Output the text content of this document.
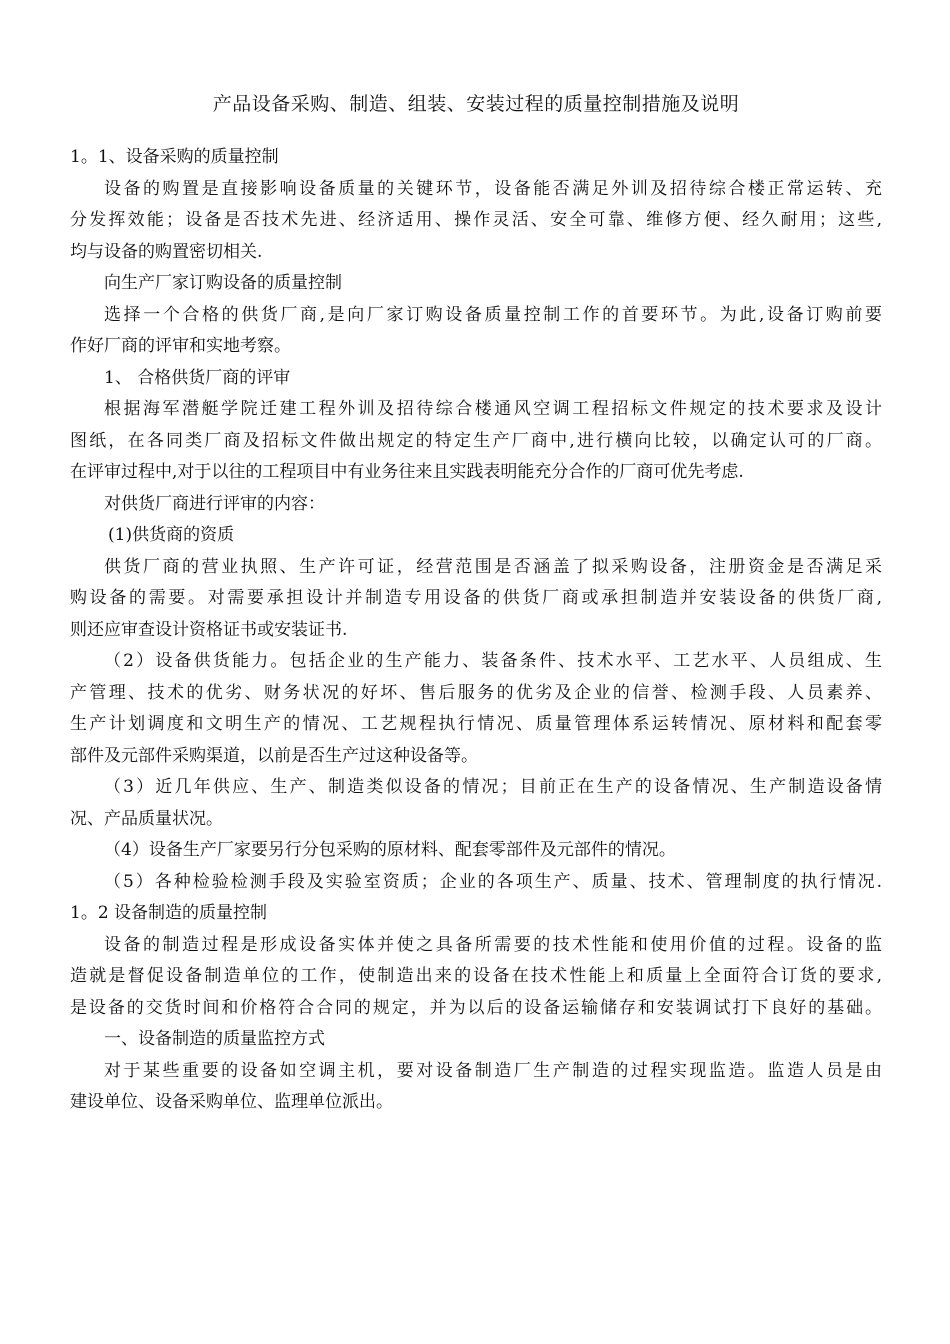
产品设备采购、制造、组装、安装过程的质量控制措施及说明

1。1、设备采购的质量控制

设备的购置是直接影响设备质量的关键环节，设备能否满足外训及招待综合楼正常运转、充

分发挥效能；设备是否技术先进、经济适用、操作灵活、安全可靠、维修方便、经久耐用；这些,

均与设备的购置密切相关.

向生产厂家订购设备的质量控制

选择一个合格的供货厂商,是向厂家订购设备质量控制工作的首要环节。为此,设备订购前要

作好厂商的评审和实地考察。

1、 合格供货厂商的评审

根据海军潜艇学院迁建工程外训及招待综合楼通风空调工程招标文件规定的技术要求及设计

图纸，在各同类厂商及招标文件做出规定的特定生产厂商中,进行横向比较，以确定认可的厂商。

在评审过程中,对于以往的工程项目中有业务往来且实践表明能充分合作的厂商可优先考虑.

对供货厂商进行评审的内容：

(1)供货商的资质

供货厂商的营业执照、生产许可证，经营范围是否涵盖了拟采购设备，注册资金是否满足采

购设备的需要。对需要承担设计并制造专用设备的供货厂商或承担制造并安装设备的供货厂商,

则还应审查设计资格证书或安装证书.

（2）设备供货能力。包括企业的生产能力、装备条件、技术水平、工艺水平、人员组成、生

产管理、技术的优劣、财务状况的好坏、售后服务的优劣及企业的信誉、检测手段、人员素养、

生产计划调度和文明生产的情况、工艺规程执行情况、质量管理体系运转情况、原材料和配套零

部件及元部件采购渠道，以前是否生产过这种设备等。

（3）近几年供应、生产、制造类似设备的情况；目前正在生产的设备情况、生产制造设备情

况、产品质量状况。

（4）设备生产厂家要另行分包采购的原材料、配套零部件及元部件的情况。

（5）各种检验检测手段及实验室资质；企业的各项生产、质量、技术、管理制度的执行情况.

1。2 设备制造的质量控制

设备的制造过程是形成设备实体并使之具备所需要的技术性能和使用价值的过程。设备的监

造就是督促设备制造单位的工作，使制造出来的设备在技术性能上和质量上全面符合订货的要求,

是设备的交货时间和价格符合合同的规定，并为以后的设备运输储存和安装调试打下良好的基础。

一、设备制造的质量监控方式

对于某些重要的设备如空调主机，要对设备制造厂生产制造的过程实现监造。监造人员是由

建设单位、设备采购单位、监理单位派出。
